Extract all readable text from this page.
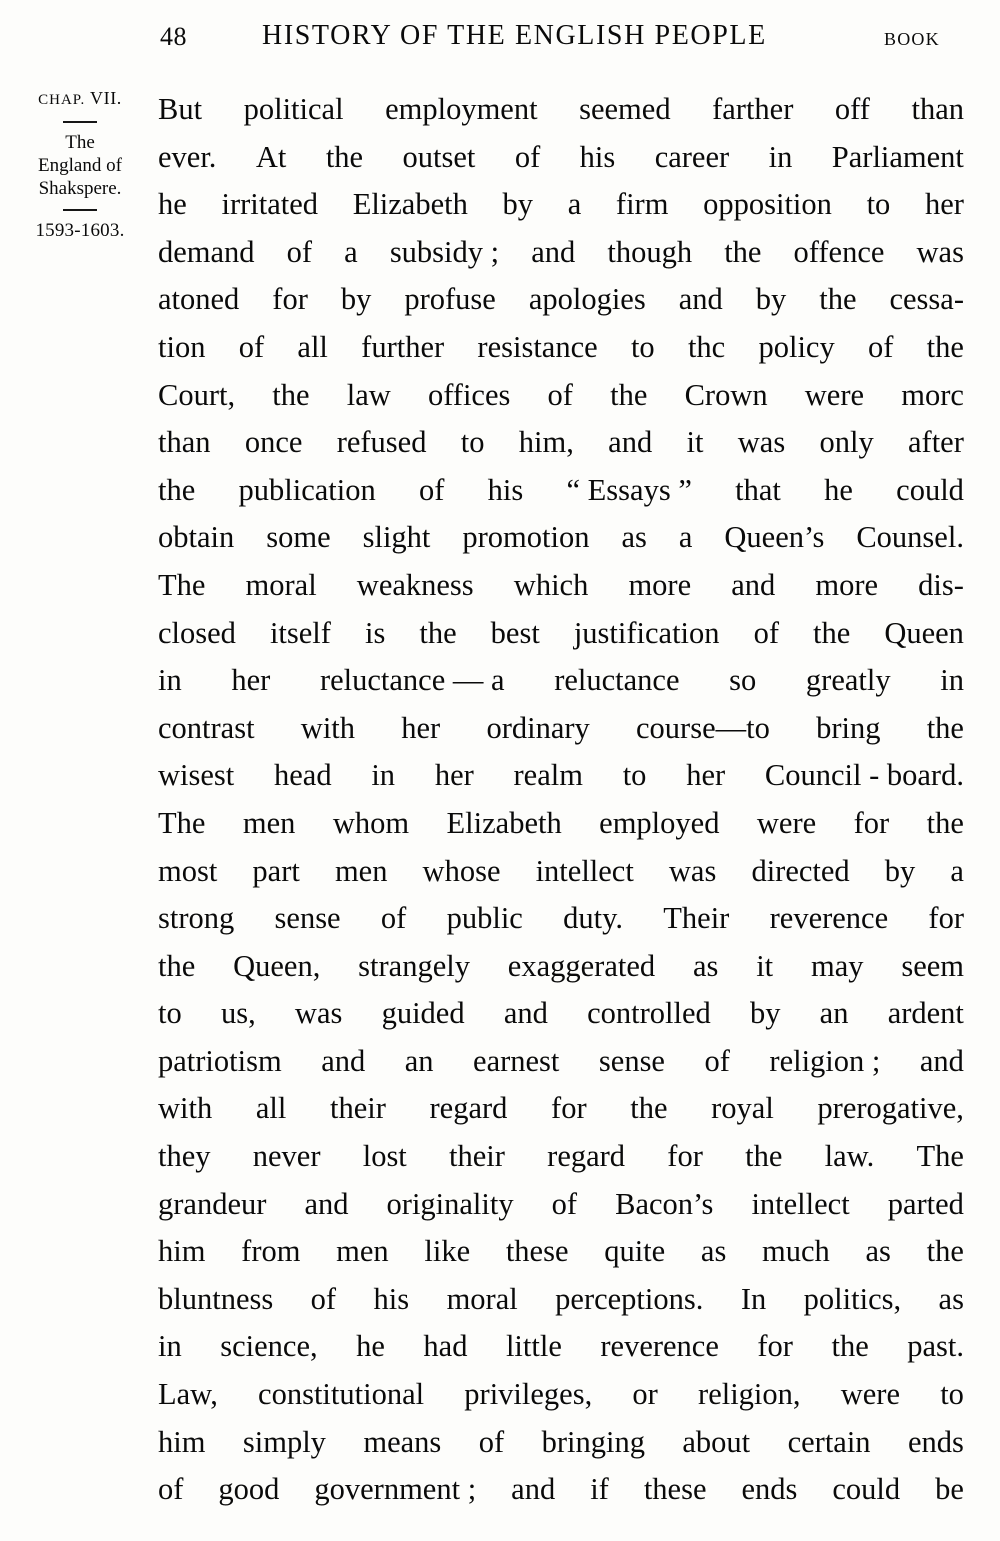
48	HISTORY OF THE ENGLISH PEOPLE	BOOK
CHAP. VII.
The
England of
Shakspere.
1593-1603.
But political employment seemed farther off than
ever. At the outset of his career in Parliament
he irritated Elizabeth by a firm opposition to her
demand of a subsidy ; and though the offence was
atoned for by profuse apologies and by the cessa-
tion of all further resistance to thc policy of the
Court, the law offices of the Crown were morc
than once refused to him, and it was only after
the publication of his “ Essays ” that he could
obtain some slight promotion as a Queen’s Counsel.
The moral weakness which more and more dis-
closed itself is the best justification of the Queen
in her reluctance — a reluctance so greatly in
contrast with her ordinary course—to bring the
wisest head in her realm to her Council - board.
The men whom Elizabeth employed were for the
most part men whose intellect was directed by a
strong sense of public duty. Their reverence for
the Queen, strangely exaggerated as it may seem
to us, was guided and controlled by an ardent
patriotism and an earnest sense of religion ; and
with all their regard for the royal prerogative,
they never lost their regard for the law. The
grandeur and originality of Bacon’s intellect parted
him from men like these quite as much as the
bluntness of his moral perceptions. In politics, as
in science, he had little reverence for the past.
Law, constitutional privileges, or religion, were to
him simply means of bringing about certain ends
of good government ; and if these ends could be
